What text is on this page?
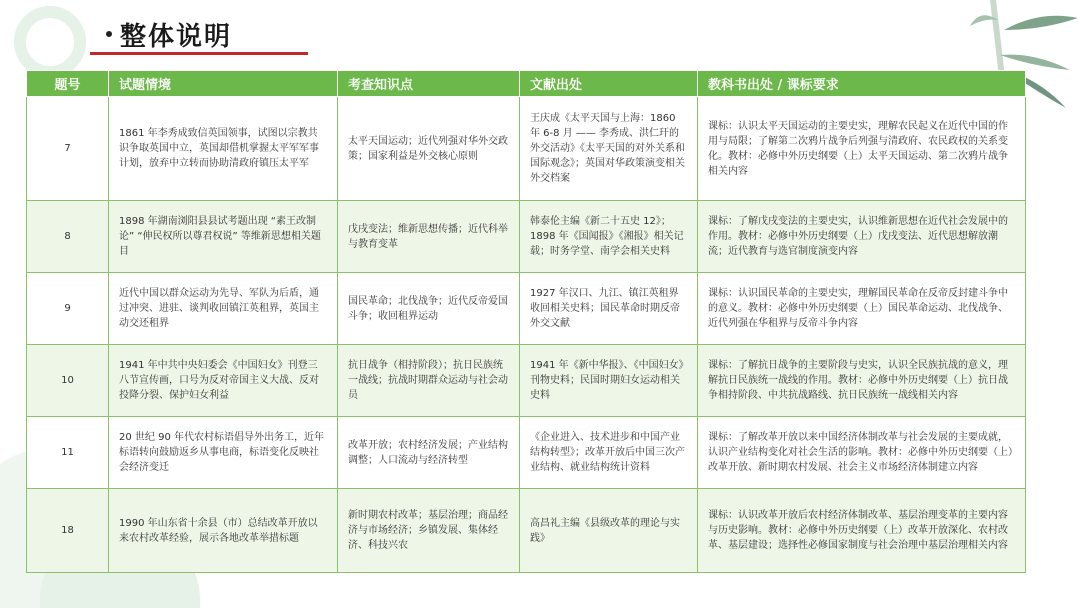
整体说明
题号	试题情境	考查知识点	文献出处	教科书出处 / 课标要求
7	1861 年李秀成致信英国领事，试图以宗教共识争取英国中立，英国却借机掌握太平军军事计划，放弃中立转而协助清政府镇压太平军	太平天国运动；近代列强对华外交政策；国家利益是外交核心原则	王庆成《太平天国与上海：1860 年 6-8 月 —— 李秀成、洪仁玕的外交活动》《太平天国的对外关系和国际观念》；英国对华政策演变相关外交档案	课标：认识太平天国运动的主要史实，理解农民起义在近代中国的作用与局限；了解第二次鸦片战争后列强与清政府、农民政权的关系变化。教材：必修中外历史纲要（上）太平天国运动、第二次鸦片战争相关内容
8	1898 年湖南浏阳县县试考题出现 “素王改制论” “伸民权所以尊君权说” 等维新思想相关题目	戊戌变法；维新思想传播；近代科举与教育变革	韩泰伦主编《新二十五史 12》；1898 年《国闻报》《湘报》相关记载；时务学堂、南学会相关史料	课标：了解戊戌变法的主要史实，认识维新思想在近代社会发展中的作用。教材：必修中外历史纲要（上）戊戌变法、近代思想解放潮流；近代教育与选官制度演变内容
9	近代中国以群众运动为先导、军队为后盾，通过冲突、进驻、谈判收回镇江英租界，英国主动交还租界	国民革命；北伐战争；近代反帝爱国斗争；收回租界运动	1927 年汉口、九江、镇江英租界收回相关史料；国民革命时期反帝外交文献	课标：认识国民革命的主要史实，理解国民革命在反帝反封建斗争中的意义。教材：必修中外历史纲要（上）国民革命运动、北伐战争、近代列强在华租界与反帝斗争内容
10	1941 年中共中央妇委会《中国妇女》刊登三八节宣传画，口号为反对帝国主义大战、反对投降分裂、保护妇女利益	抗日战争（相持阶段）；抗日民族统一战线；抗战时期群众运动与社会动员	1941 年《新中华报》、《中国妇女》刊物史料；民国时期妇女运动相关史料	课标：了解抗日战争的主要阶段与史实，认识全民族抗战的意义，理解抗日民族统一战线的作用。教材：必修中外历史纲要（上）抗日战争相持阶段、中共抗战路线、抗日民族统一战线相关内容
11	20 世纪 90 年代农村标语倡导外出务工，近年标语转向鼓励返乡从事电商，标语变化反映社会经济变迁	改革开放；农村经济发展；产业结构调整；人口流动与经济转型	《企业进入、技术进步和中国产业结构转型》；改革开放后中国三次产业结构、就业结构统计资料	课标：了解改革开放以来中国经济体制改革与社会发展的主要成就，认识产业结构变化对社会生活的影响。教材：必修中外历史纲要（上）改革开放、新时期农村发展、社会主义市场经济体制建立内容
18	1990 年山东省十余县（市）总结改革开放以来农村改革经验，展示各地改革举措标题	新时期农村改革；基层治理；商品经济与市场经济；乡镇发展、集体经济、科技兴农	高昌礼主编《县级改革的理论与实践》	课标：认识改革开放后农村经济体制改革、基层治理变革的主要内容与历史影响。教材：必修中外历史纲要（上）改革开放深化、农村改革、基层建设；选择性必修国家制度与社会治理中基层治理相关内容
